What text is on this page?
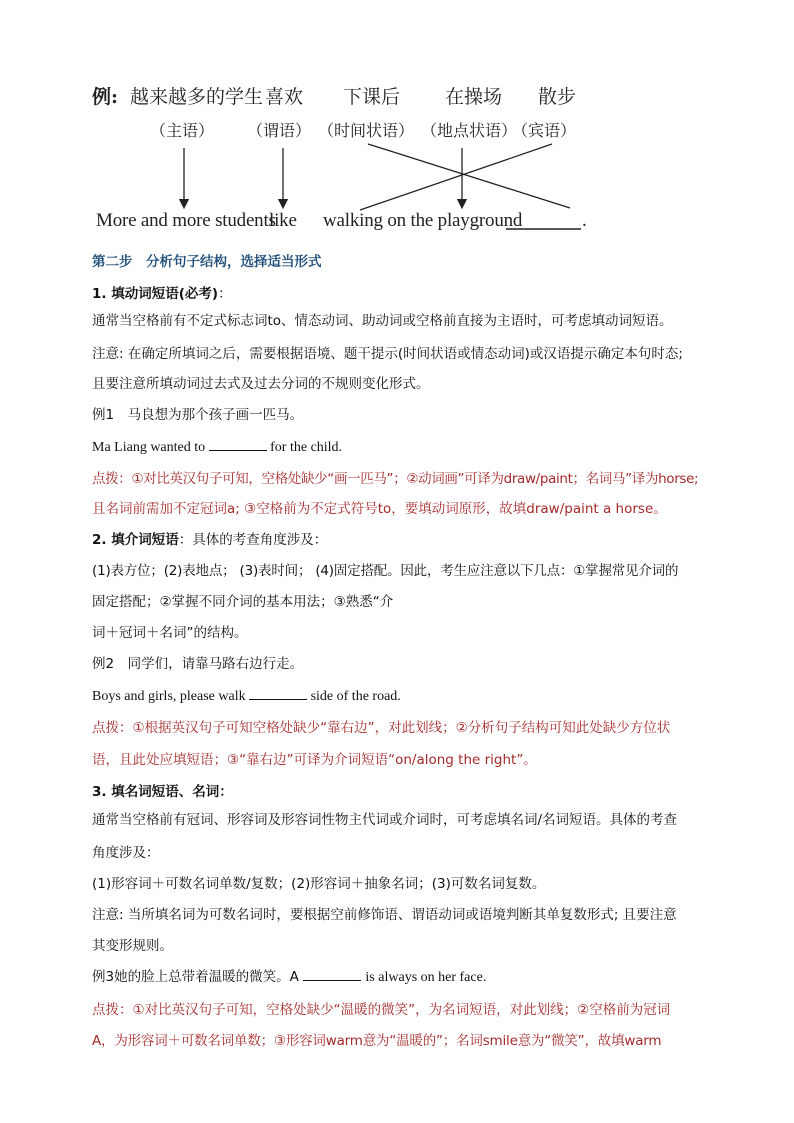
例: 越来越多的学生 喜欢 下课后 在操场 散步
（主语） （谓语） （时间状语） （地点状语）
（宾语）
More and more students
like walking on the playground	.
第二步　分析句子结构，选择适当形式
1. 填动词短语(必考)：
通常当空格前有不定式标志词to、情态动词、助动词或空格前直接为主语时，可考虑填动词短语。
注意: 在确定所填词之后，需要根据语境、题干提示(时间状语或情态动词)或汉语提示确定本句时态;
且要注意所填动词过去式及过去分词的不规则变化形式。
例1　马良想为那个孩子画一匹马。
Ma Liang wanted to	for the child.
点拨：①对比英汉句子可知，空格处缺少“画一匹马”；②动词画”可译为draw/paint；名词马”译为horse;
且名词前需加不定冠词a; ③空格前为不定式符号to，要填动词原形，故填draw/paint a horse。
2. 填介词短语：具体的考查角度涉及：
(1)表方位；(2)表地点； (3)表时间； (4)固定搭配。因此，考生应注意以下几点：①掌握常见介词的
固定搭配；②掌握不同介词的基本用法；③熟悉“介
词＋冠词＋名词”的结构。
例2　同学们，请靠马路右边行走。
Boys and girls, please walk	side of the road.
点拨：①根据英汉句子可知空格处缺少“靠右边”，对此划线；②分析句子结构可知此处缺少方位状
语，且此处应填短语；③“靠右边”可译为介词短语“on/along the right”。
3. 填名词短语、名词：
通常当空格前有冠词、形容词及形容词性物主代词或介词时，可考虑填名词/名词短语。具体的考查
角度涉及：
(1)形容词＋可数名词单数/复数；(2)形容词＋抽象名词；(3)可数名词复数。
注意: 当所填名词为可数名词时，要根据空前修饰语、谓语动词或语境判断其单复数形式; 且要注意
其变形规则。
例3她的脸上总带着温暖的微笑。A	is always on her face.
点拨：①对比英汉句子可知，空格处缺少“温暖的微笑”，为名词短语，对此划线；②空格前为冠词
A，为形容词＋可数名词单数；③形容词warm意为“温暖的”；名词smile意为“微笑”，故填warm
